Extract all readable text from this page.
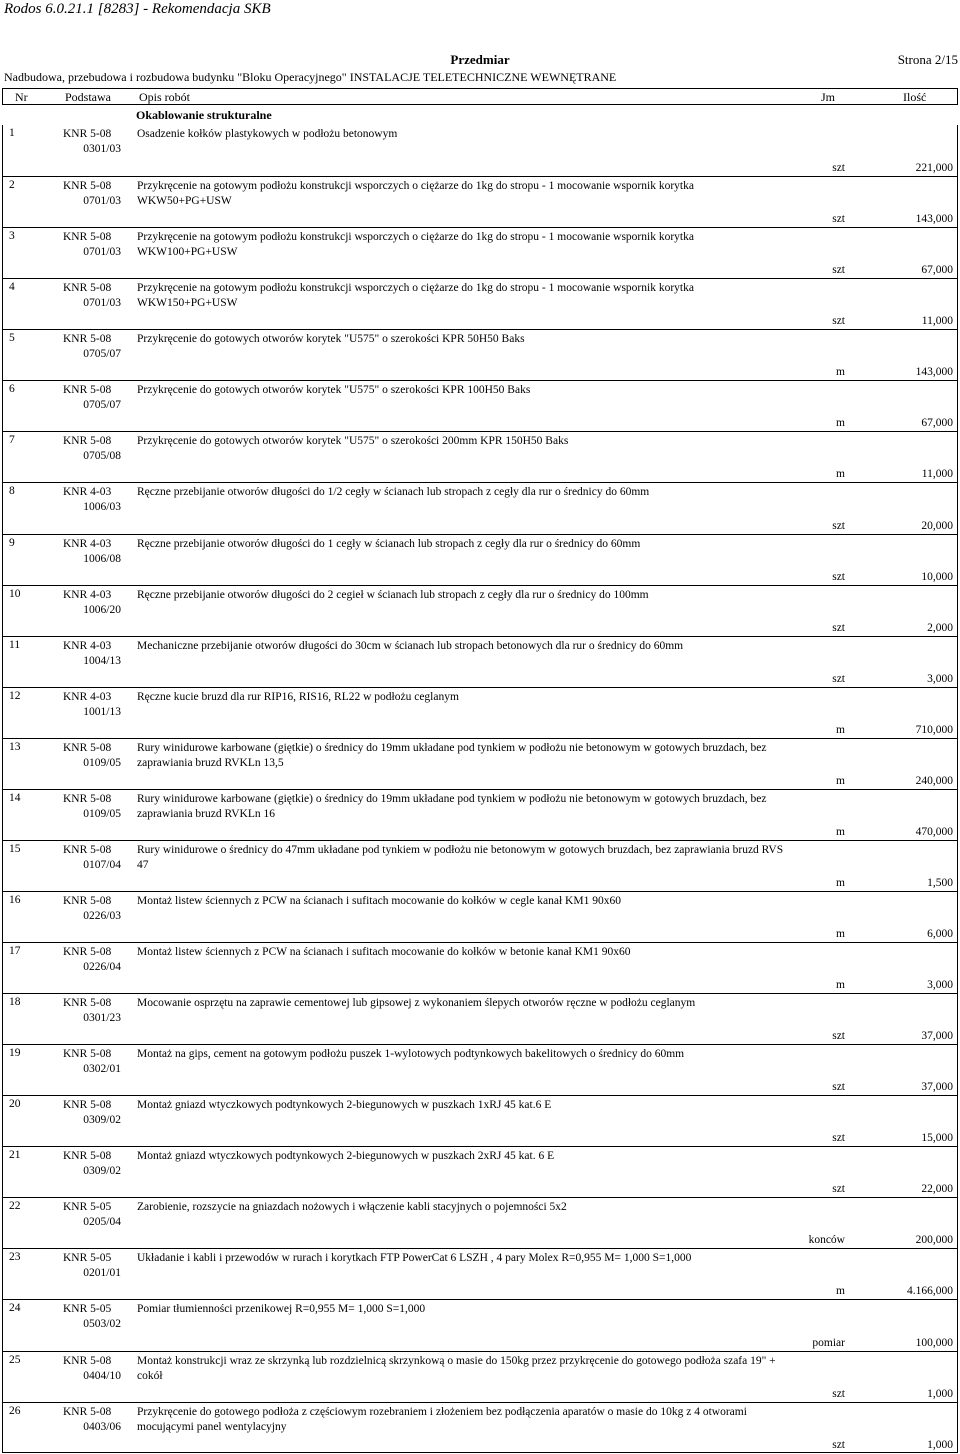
Rodos 6.0.21.1 [8283] - Rekomendacja SKB
Przedmiar	Strona 2/15
Nadbudowa, przebudowa i rozbudowa budynku "Bloku Operacyjnego" INSTALACJE TELETECHNICZNE WEWNĘTRANE
Nr	Podstawa Opis robót	Jm	Ilość
Okablowanie strukturalne
1	KNR 5-08
0301/03
Osadzenie kołków plastykowych w podłożu betonowym
szt	221,000
2	KNR 5-08
0701/03
Przykręcenie na gotowym podłożu konstrukcji wsporczych o ciężarze do 1kg do stropu - 1 mocowanie wspornik korytka WKW50+PG+USW
szt	143,000
3	KNR 5-08
0701/03
Przykręcenie na gotowym podłożu konstrukcji wsporczych o ciężarze do 1kg do stropu - 1 mocowanie wspornik korytka WKW100+PG+USW
szt	67,000
4	KNR 5-08
0701/03
Przykręcenie na gotowym podłożu konstrukcji wsporczych o ciężarze do 1kg do stropu - 1 mocowanie wspornik korytka WKW150+PG+USW
szt	11,000
5	KNR 5-08
0705/07
Przykręcenie do gotowych otworów korytek "U575" o szerokości KPR 50H50 Baks
m	143,000
6	KNR 5-08
0705/07
Przykręcenie do gotowych otworów korytek "U575" o szerokości KPR 100H50 Baks
m	67,000
7	KNR 5-08
0705/08
Przykręcenie do gotowych otworów korytek "U575" o szerokości 200mm KPR 150H50 Baks
m	11,000
8	KNR 4-03
1006/03
Ręczne przebijanie otworów długości do 1/2 cegły w ścianach lub stropach z cegły dla rur o średnicy do 60mm
szt	20,000
9	KNR 4-03
1006/08
Ręczne przebijanie otworów długości do 1 cegły w ścianach lub stropach z cegły dla rur o średnicy do 60mm
szt	10,000
10	KNR 4-03
1006/20
Ręczne przebijanie otworów długości do 2 cegieł w ścianach lub stropach z cegły dla rur o średnicy do 100mm
szt	2,000
11	KNR 4-03
1004/13
Mechaniczne przebijanie otworów długości do 30cm w ścianach lub stropach betonowych dla rur o średnicy do 60mm
szt	3,000
12	KNR 4-03
1001/13
Ręczne kucie bruzd dla rur RIP16, RIS16, RL22 w podłożu ceglanym
m	710,000
13	KNR 5-08
0109/05
Rury winidurowe karbowane (giętkie) o średnicy do 19mm układane pod tynkiem w podłożu nie betonowym w gotowych bruzdach, bez zaprawiania bruzd RVKLn 13,5
m	240,000
14	KNR 5-08
0109/05
Rury winidurowe karbowane (giętkie) o średnicy do 19mm układane pod tynkiem w podłożu nie betonowym w gotowych bruzdach, bez zaprawiania bruzd RVKLn 16
m	470,000
15	KNR 5-08
0107/04
Rury winidurowe o średnicy do 47mm układane pod tynkiem w podłożu nie betonowym w gotowych bruzdach, bez zaprawiania bruzd RVS 47
m	1,500
16	KNR 5-08
0226/03
Montaż listew ściennych z PCW na ścianach i sufitach mocowanie do kołków w cegle kanał KM1 90x60
m	6,000
17	KNR 5-08
0226/04
Montaż listew ściennych z PCW na ścianach i sufitach mocowanie do kołków w betonie kanał KM1 90x60
m	3,000
18	KNR 5-08
0301/23
Mocowanie osprzętu na zaprawie cementowej lub gipsowej z wykonaniem ślepych otworów ręczne w podłożu ceglanym
szt	37,000
19	KNR 5-08
0302/01
Montaż na gips, cement na gotowym podłożu puszek 1-wylotowych podtynkowych bakelitowych o średnicy do 60mm
szt	37,000
20	KNR 5-08
0309/02
Montaż gniazd wtyczkowych podtynkowych 2-biegunowych w puszkach 1xRJ 45 kat.6 E
szt	15,000
21	KNR 5-08
0309/02
Montaż gniazd wtyczkowych podtynkowych 2-biegunowych w puszkach 2xRJ 45 kat. 6 E
szt	22,000
22	KNR 5-05
0205/04
Zarobienie, rozszycie na gniazdach nożowych i włączenie kabli stacyjnych o pojemności 5x2
konców	200,000
23	KNR 5-05
0201/01
Układanie i kabli i przewodów w rurach i korytkach FTP PowerCat 6 LSZH , 4 pary Molex R=0,955 M= 1,000 S=1,000
m	4.166,000
24	KNR 5-05
0503/02
Pomiar tłumienności przenikowej R=0,955 M= 1,000 S=1,000
pomiar	100,000
25	KNR 5-08
0404/10
Montaż konstrukcji wraz ze skrzynką lub rozdzielnicą skrzynkową o masie do 150kg przez przykręcenie do gotowego podłoża szafa 19" + cokół
szt	1,000
26	KNR 5-08
0403/06
Przykręcenie do gotowego podłoża z częściowym rozebraniem i złożeniem bez podłączenia aparatów o masie do 10kg z 4 otworami mocującymi panel wentylacyjny
szt	1,000
